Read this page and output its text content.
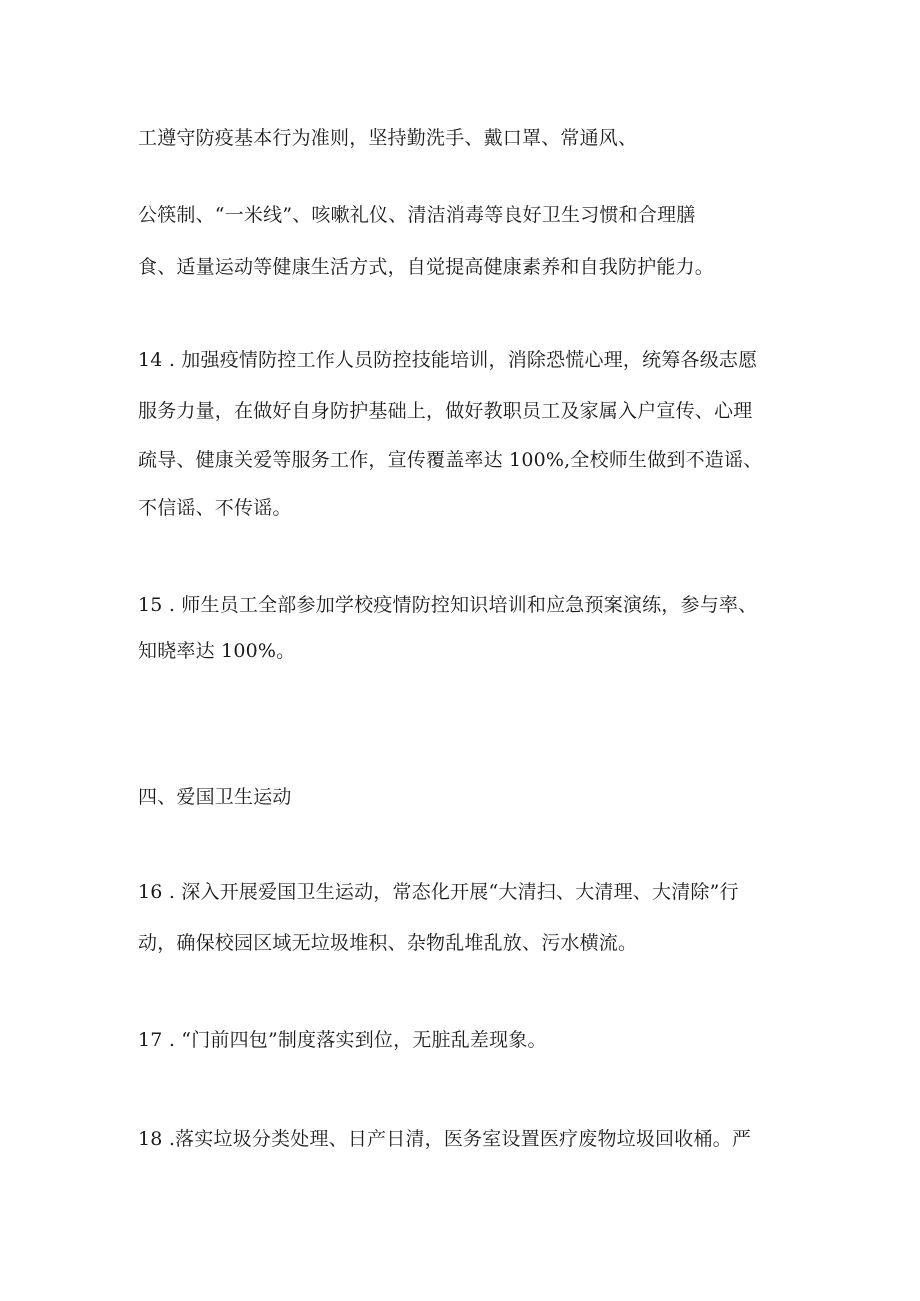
工遵守防疫基本行为准则，坚持勤洗手、戴口罩、常通风、
公筷制、“一米线”、咳嗽礼仪、清洁消毒等良好卫生习惯和合理膳
食、适量运动等健康生活方式，自觉提高健康素养和自我防护能力。
14 . 加强疫情防控工作人员防控技能培训，消除恐慌心理，统筹各级志愿
服务力量，在做好自身防护基础上，做好教职员工及家属入户宣传、心理
疏导、健康关爱等服务工作，宣传覆盖率达 100%,全校师生做到不造谣、
不信谣、不传谣。
15 . 师生员工全部参加学校疫情防控知识培训和应急预案演练，参与率、
知晓率达 100%。
四、爱国卫生运动
16 . 深入开展爱国卫生运动，常态化开展“大清扫、大清理、大清除”行
动，确保校园区域无垃圾堆积、杂物乱堆乱放、污水横流。
17 . “门前四包”制度落实到位，无脏乱差现象。
18 .落实垃圾分类处理、日产日清，医务室设置医疗废物垃圾回收桶。严
